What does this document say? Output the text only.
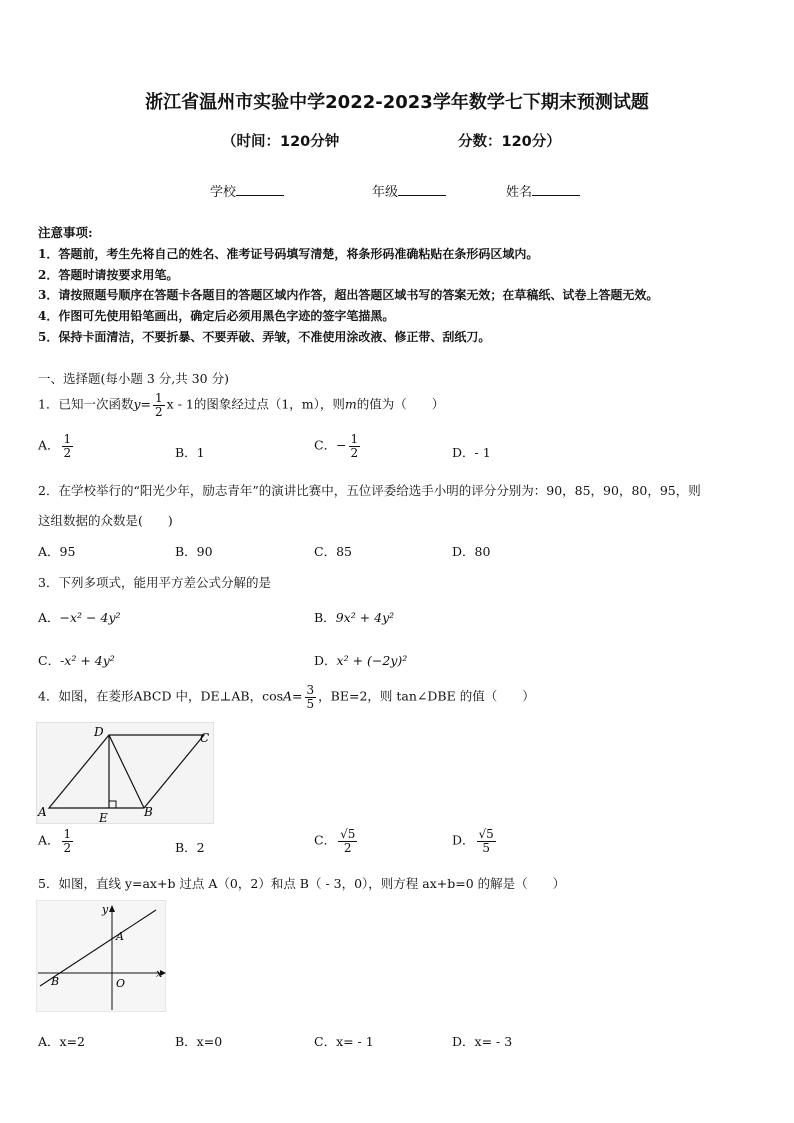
浙江省温州市实验中学2022-2023学年数学七下期末预测试题
（时间：120分钟	分数：120分）
学校	年级	姓名
注意事项:
1．答题前，考生先将自己的姓名、准考证号码填写清楚，将条形码准确粘贴在条形码区域内。
2．答题时请按要求用笔。
3．请按照题号顺序在答题卡各题目的答题区域内作答，超出答题区域书写的答案无效；在草稿纸、试卷上答题无效。
4．作图可先使用铅笔画出，确定后必须用黑色字迹的签字笔描黑。
5．保持卡面清洁，不要折暴、不要弄破、弄皱，不准使用涂改液、修正带、刮纸刀。
一、选择题(每小题 3 分,共 30 分)
1．已知一次函数$y= \frac{1}{2}$ x - 1的图象经过点（1，m），则m的值为（　　）
A． $\frac{1}{2}$	B．1	C．− $\frac{1}{2}$	D．- 1
2．在学校举行的“阳光少年，励志青年”的演讲比赛中，五位评委给选手小明的评分分别为：90，85，90，80，95，则
这组数据的众数是(　　)
A．95	B．90	C．85	D．80
3．下列多项式，能用平方差公式分解的是
A．−x² − 4y²	B．9x² + 4y²
C．-x² + 4y²	D．x² + (−2y)²
4．如图，在菱形ABCD 中，DE⊥AB，$\cos A= \frac{3}{5}$ ，BE=2，则 tan∠DBE 的值（　　）
D	C
A	E	B
A． $\frac{1}{2}$	B．2	C． $\frac{√5}{2}$	D． $\frac{√5}{5}$
5．如图，直线 y=ax+b 过点 A（0，2）和点 B（ - 3，0），则方程 ax+b=0 的解是（　　）
y
A
x
B	O
A．x=2	B．x=0	C．x= - 1	D．x= - 3
